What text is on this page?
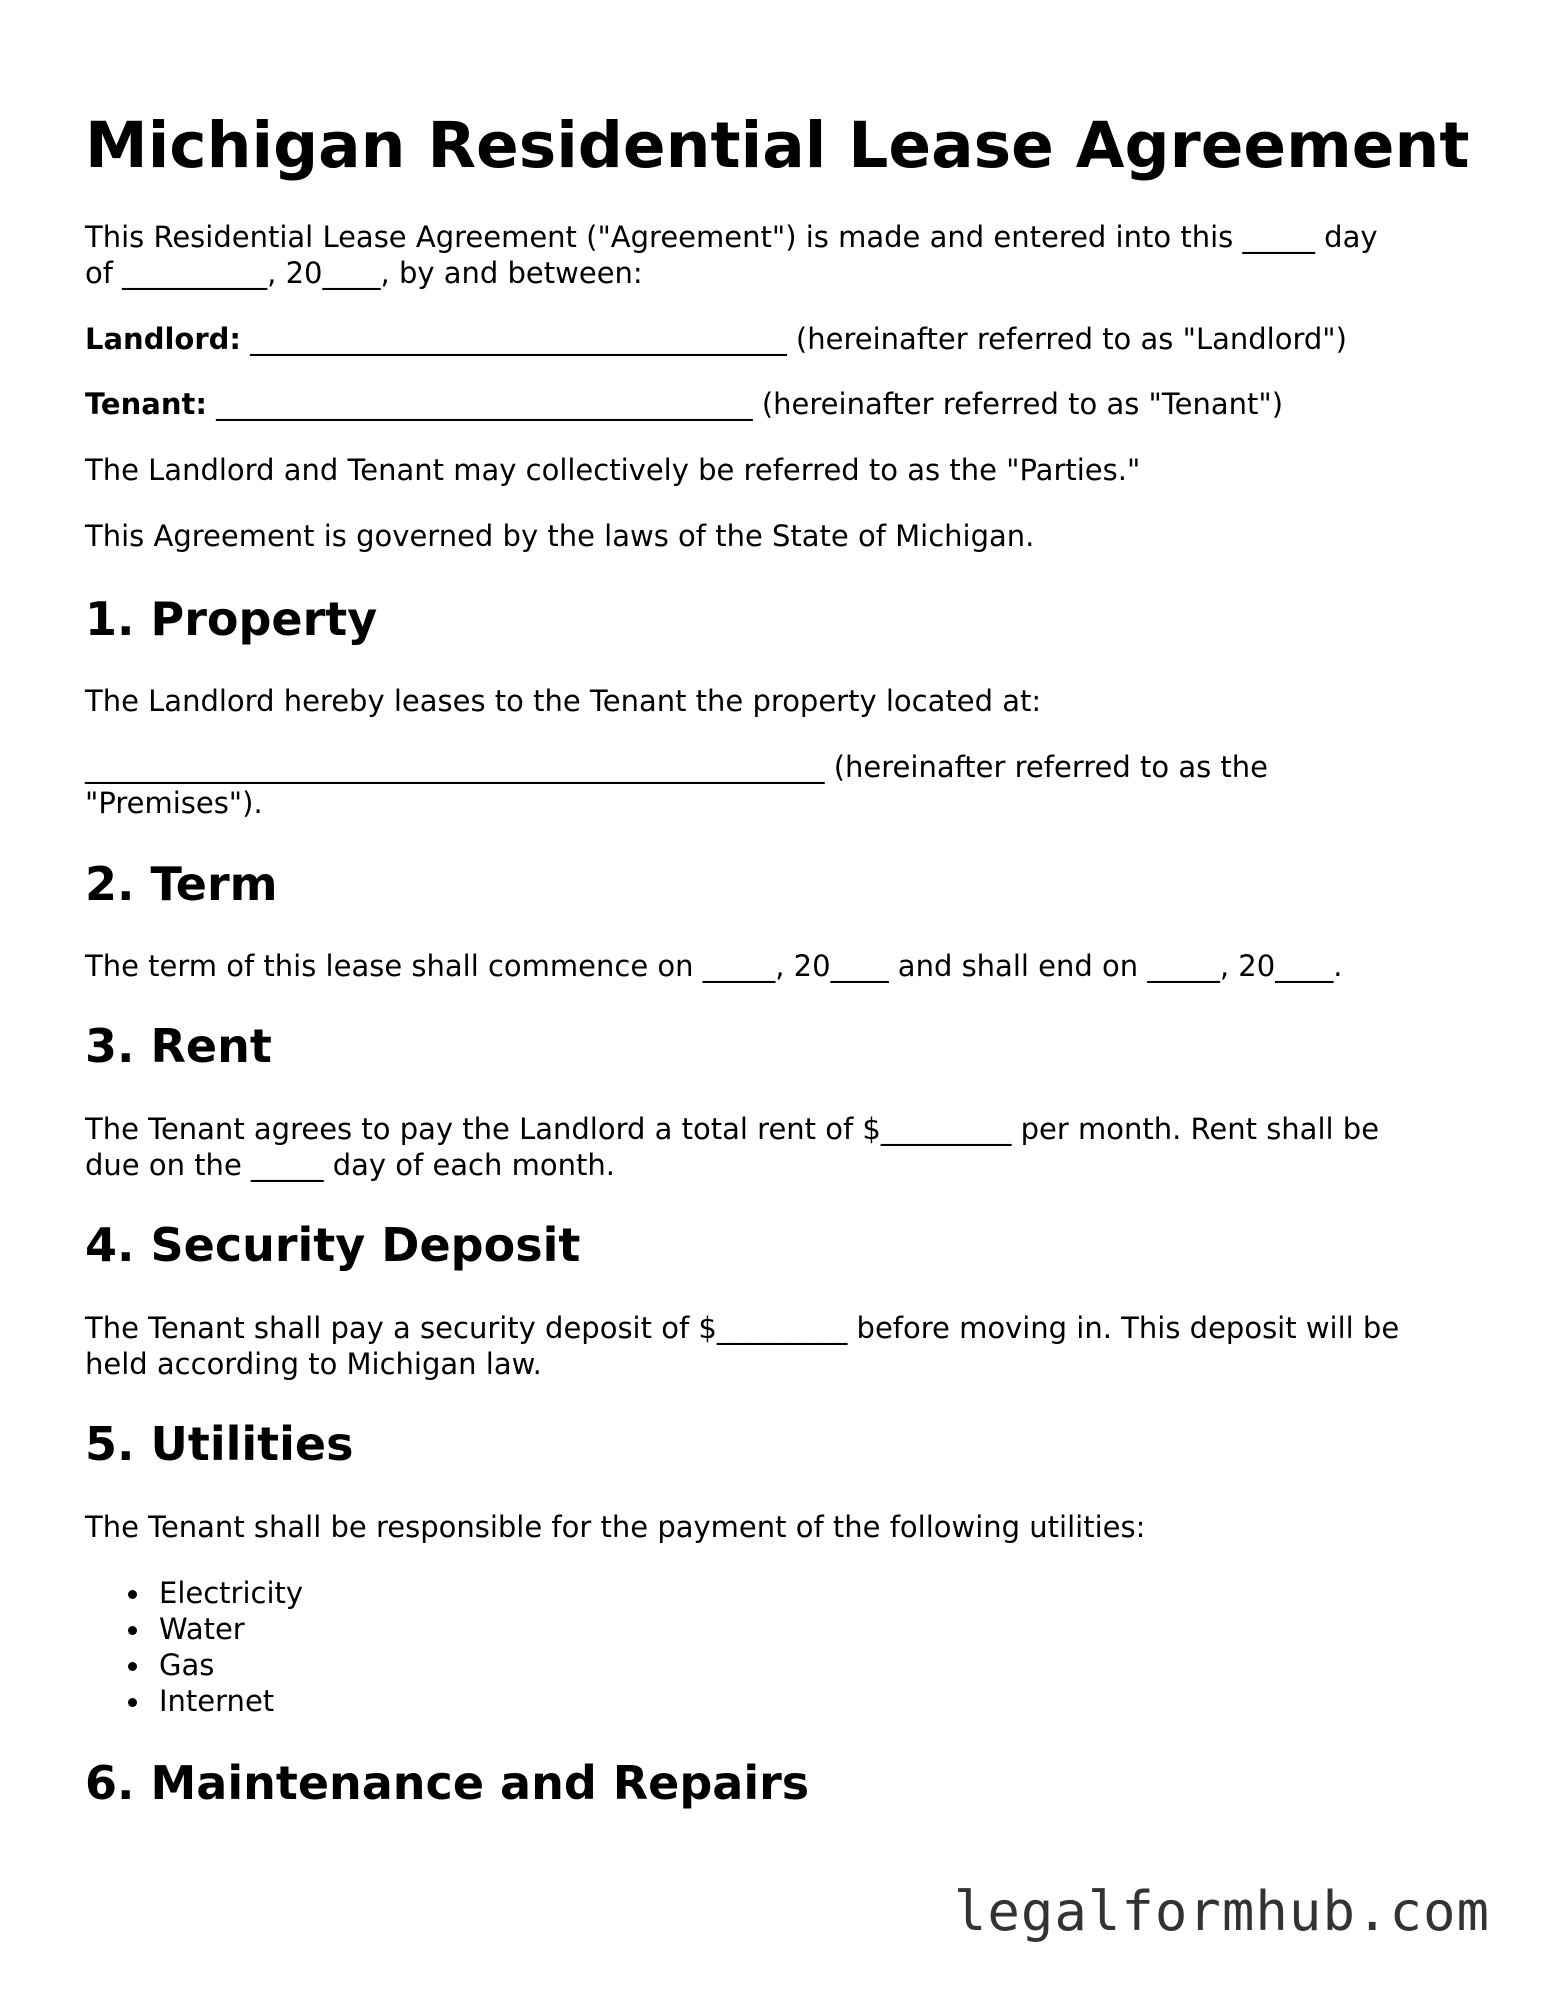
Michigan Residential Lease Agreement
This Residential Lease Agreement ("Agreement") is made and entered into this _____ day
of __________, 20____, by and between:
Landlord: _____________________________________ (hereinafter referred to as "Landlord")
Tenant: _____________________________________ (hereinafter referred to as "Tenant")
The Landlord and Tenant may collectively be referred to as the "Parties."
This Agreement is governed by the laws of the State of Michigan.
1. Property
The Landlord hereby leases to the Tenant the property located at:
___________________________________________________ (hereinafter referred to as the
"Premises").
2. Term
The term of this lease shall commence on _____, 20____ and shall end on _____, 20____.
3. Rent
The Tenant agrees to pay the Landlord a total rent of $_________ per month. Rent shall be
due on the _____ day of each month.
4. Security Deposit
The Tenant shall pay a security deposit of $_________ before moving in. This deposit will be
held according to Michigan law.
5. Utilities
The Tenant shall be responsible for the payment of the following utilities:
Electricity
Water
Gas
Internet
6. Maintenance and Repairs
legalformhub.com
